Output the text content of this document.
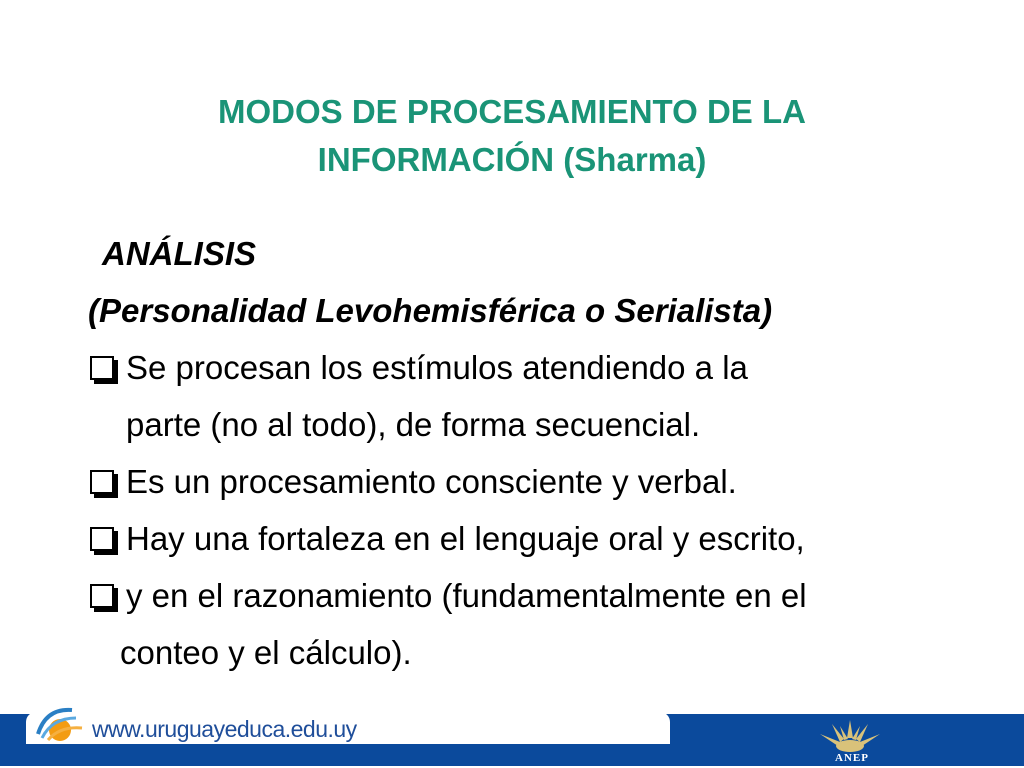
MODOS DE PROCESAMIENTO DE LA
INFORMACIÓN (Sharma)
ANÁLISIS
(Personalidad Levohemisférica o Serialista)
Se procesan los estímulos atendiendo a la
parte (no al todo), de forma secuencial.
Es un procesamiento consciente y verbal.
Hay una fortaleza en el lenguaje oral y escrito,
y en el razonamiento (fundamentalmente en el
conteo y el cálculo).
www.uruguayeduca.edu.uy
ANEP
